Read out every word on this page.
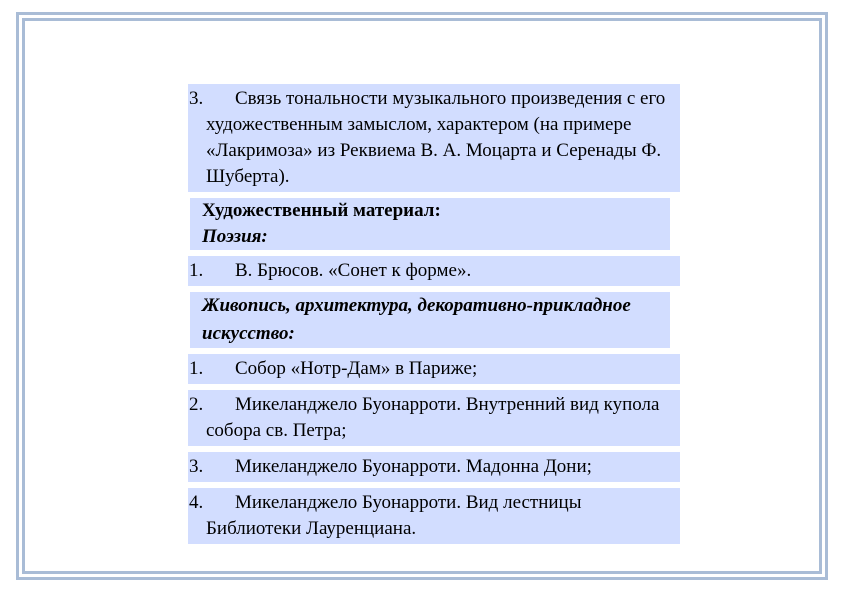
3. Связь тональности музыкального произведения с его художественным замыслом, характером (на примере «Лакримоза» из Реквиема В. А. Моцарта и Серенады Ф. Шуберта).
Художественный материал:
Поэзия:
1. В. Брюсов. «Сонет к форме».
Живопись, архитектура, декоративно-прикладное искусство:
1. Собор «Нотр-Дам» в Париже;
2. Микеланджело Буонарроти. Внутренний вид купола собора св. Петра;
3. Микеланджело Буонарроти. Мадонна Дони;
4. Микеланджело Буонарроти. Вид лестницы Библиотеки Лауренциана.
